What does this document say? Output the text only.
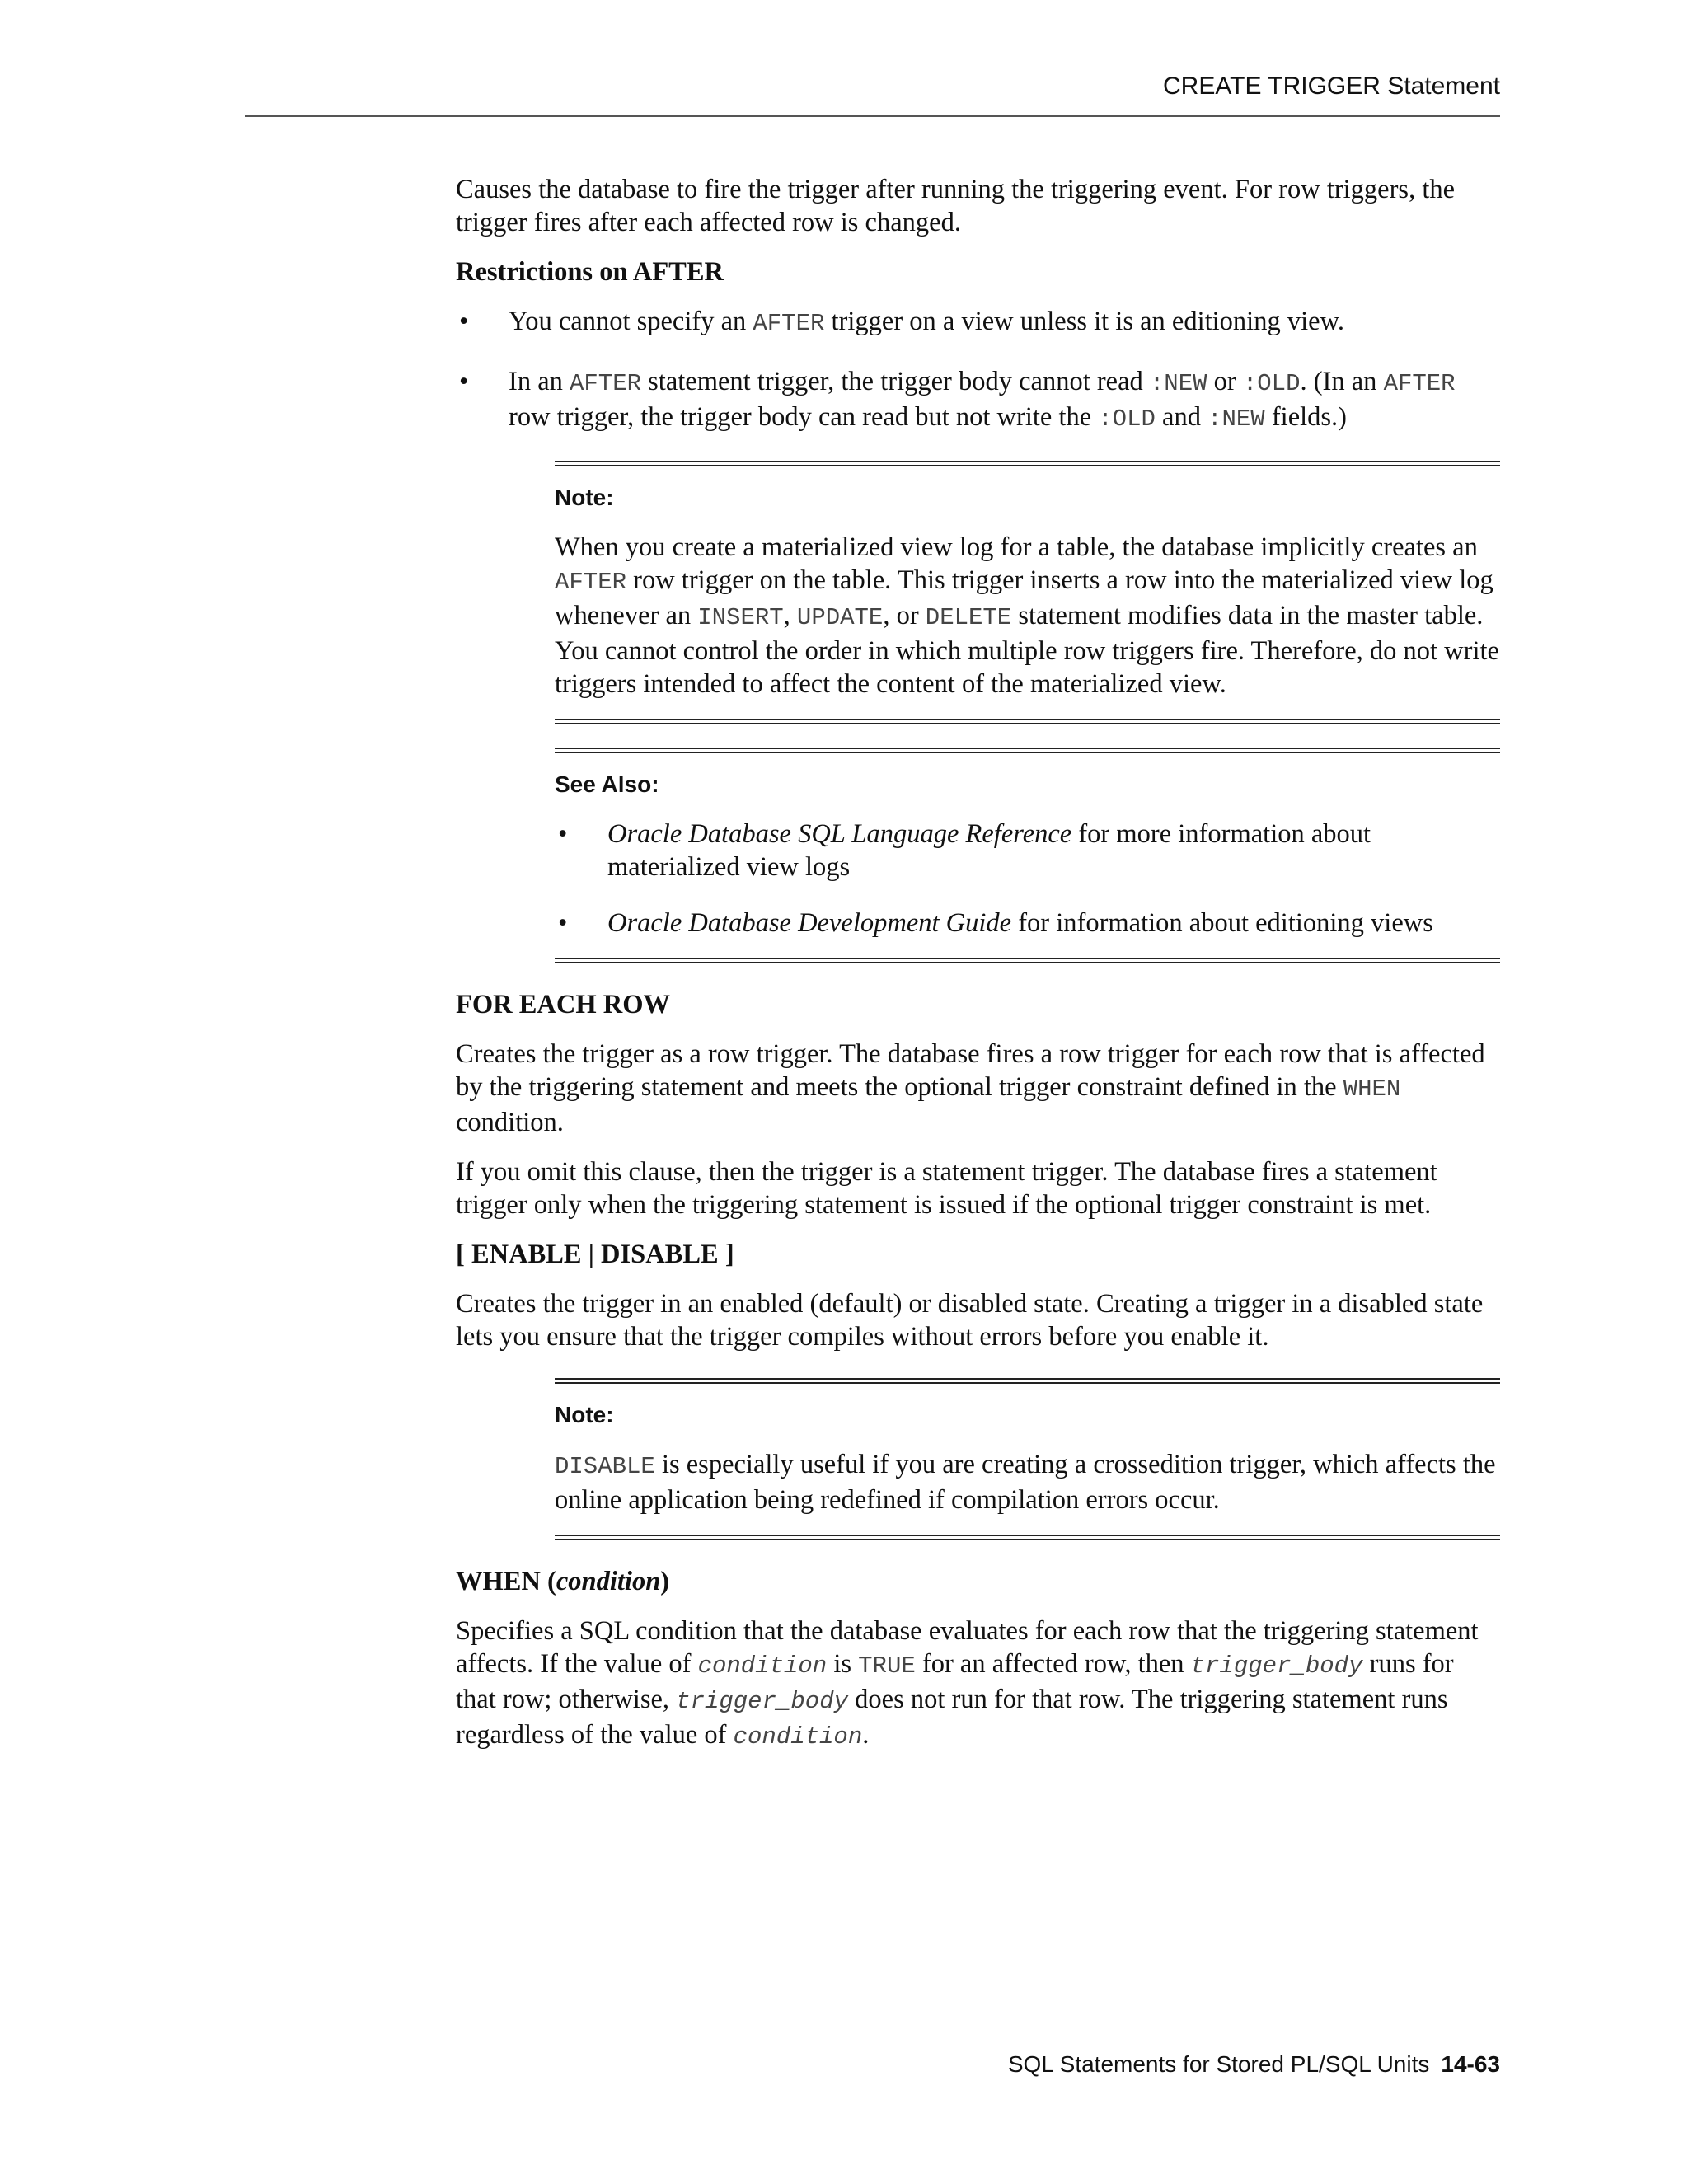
CREATE TRIGGER Statement

Causes the database to fire the trigger after running the triggering event. For row triggers, the trigger fires after each affected row is changed.

Restrictions on AFTER
• You cannot specify an AFTER trigger on a view unless it is an editioning view.
• In an AFTER statement trigger, the trigger body cannot read :NEW or :OLD. (In an AFTER row trigger, the trigger body can read but not write the :OLD and :NEW fields.)
Note:

When you create a materialized view log for a table, the database implicitly creates an AFTER row trigger on the table. This trigger inserts a row into the materialized view log whenever an INSERT, UPDATE, or DELETE statement modifies data in the master table. You cannot control the order in which multiple row triggers fire. Therefore, do not write triggers intended to affect the content of the materialized view.

See Also:
• Oracle Database SQL Language Reference for more information about materialized view logs
• Oracle Database Development Guide for information about editioning views
FOR EACH ROW

Creates the trigger as a row trigger. The database fires a row trigger for each row that is affected by the triggering statement and meets the optional trigger constraint defined in the WHEN condition.

If you omit this clause, then the trigger is a statement trigger. The database fires a statement trigger only when the triggering statement is issued if the optional trigger constraint is met.

[ ENABLE | DISABLE ]

Creates the trigger in an enabled (default) or disabled state. Creating a trigger in a disabled state lets you ensure that the trigger compiles without errors before you enable it.

Note:

DISABLE is especially useful if you are creating a crossedition trigger, which affects the online application being redefined if compilation errors occur.

WHEN (condition)

Specifies a SQL condition that the database evaluates for each row that the triggering statement affects. If the value of condition is TRUE for an affected row, then trigger_body runs for that row; otherwise, trigger_body does not run for that row. The triggering statement runs regardless of the value of condition.

SQL Statements for Stored PL/SQL Units 14-63
